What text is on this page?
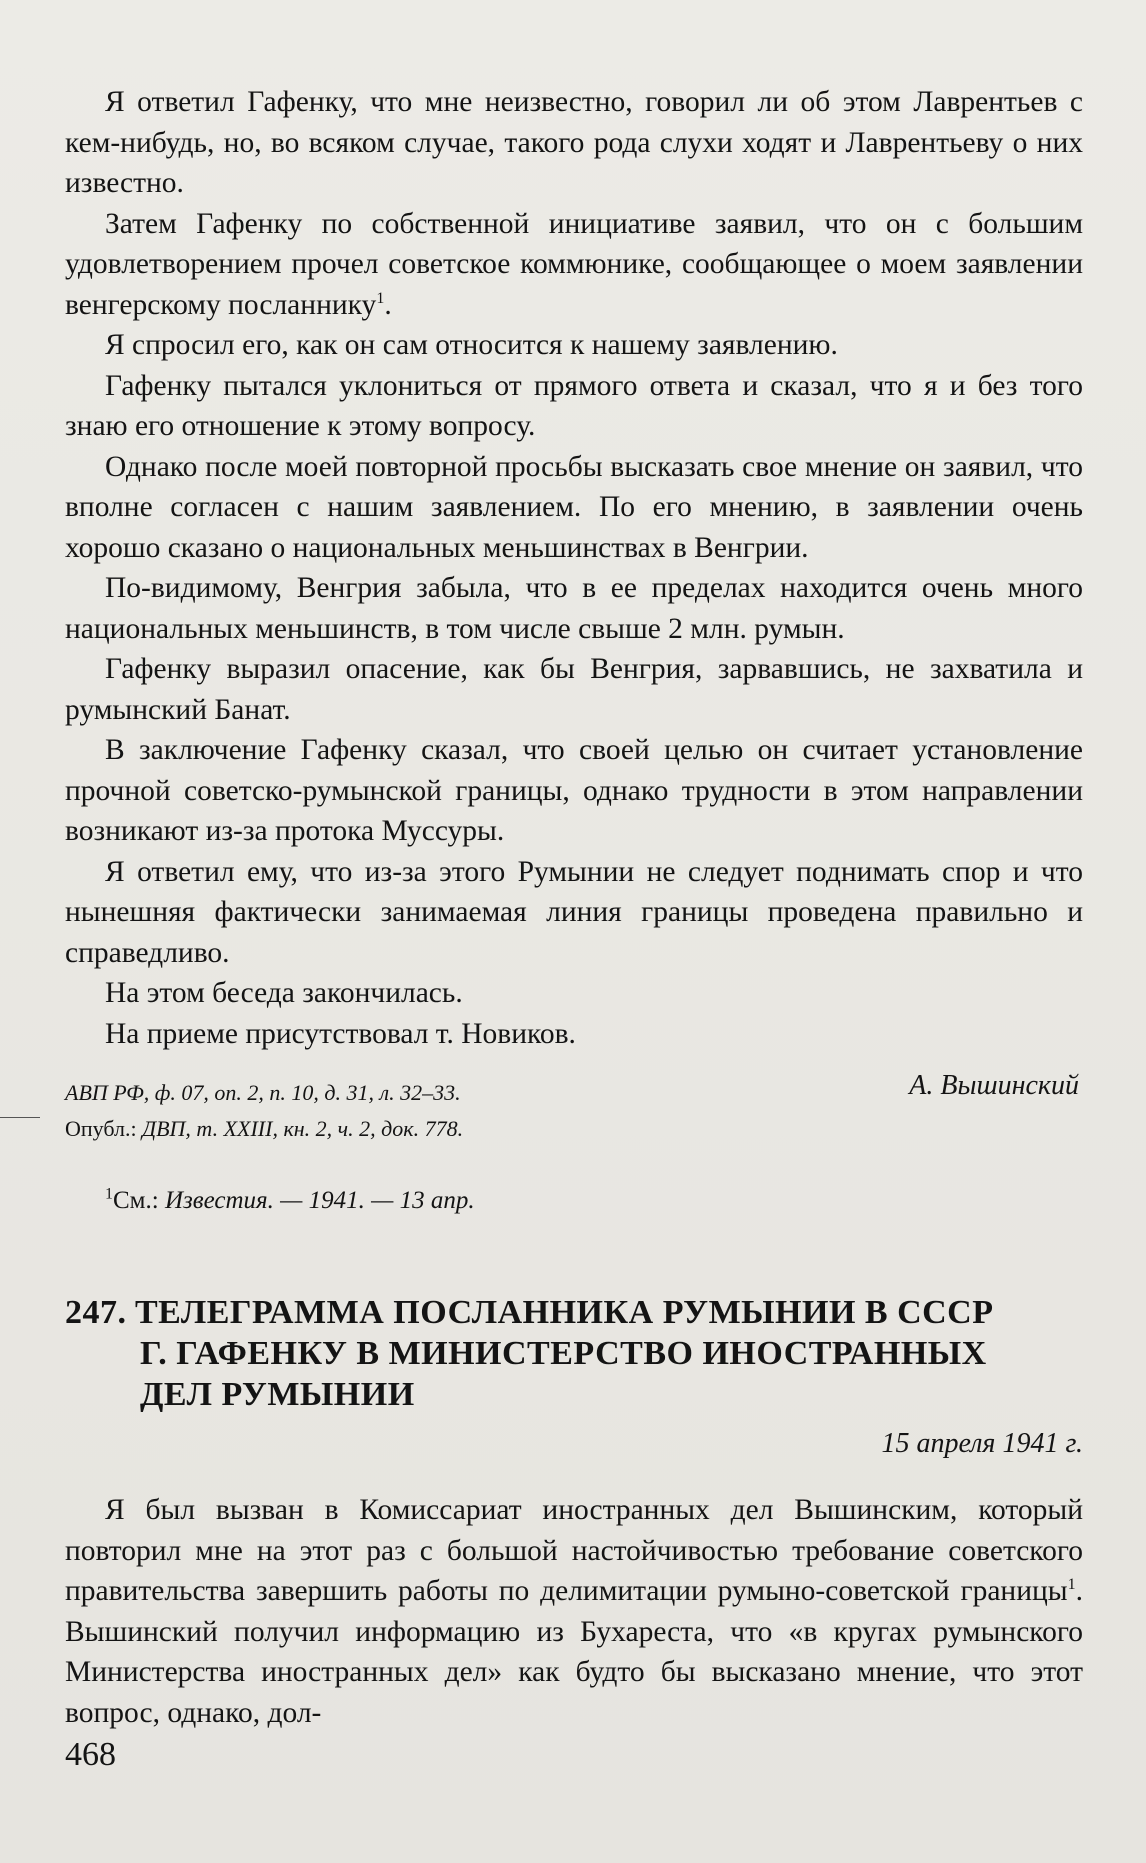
Я ответил Гафенку, что мне неизвестно, говорил ли об этом Лаврентьев с кем-нибудь, но, во всяком случае, такого рода слухи ходят и Лаврентьеву о них известно.

Затем Гафенку по собственной инициативе заявил, что он с большим удовлетворением прочел советское коммюнике, сообщающее о моем заявлении венгерскому посланнику$^1$.

Я спросил его, как он сам относится к нашему заявлению.

Гафенку пытался уклониться от прямого ответа и сказал, что я и без того знаю его отношение к этому вопросу.

Однако после моей повторной просьбы высказать свое мнение он заявил, что вполне согласен с нашим заявлением. По его мнению, в заявлении очень хорошо сказано о национальных меньшинствах в Венгрии.

По-видимому, Венгрия забыла, что в ее пределах находится очень много национальных меньшинств, в том числе свыше 2 млн. румын.

Гафенку выразил опасение, как бы Венгрия, зарвавшись, не захватила и румынский Банат.

В заключение Гафенку сказал, что своей целью он считает установление прочной советско-румынской границы, однако трудности в этом направлении возникают из-за протока Муссуры.

Я ответил ему, что из-за этого Румынии не следует поднимать спор и что нынешняя фактически занимаемая линия границы проведена правильно и справедливо.

На этом беседа закончилась.

На приеме присутствовал т. Новиков.

А. Вышинский
АВП РФ, ф. 07, оп. 2, п. 10, д. 31, л. 32–33.
Опубл.: ДВП, т. XXIII, кн. 2, ч. 2, док. 778.
$^1$См.: Известия. — 1941. — 13 апр.
247. ТЕЛЕГРАММА ПОСЛАННИКА РУМЫНИИ В СССР
Г. ГАФЕНКУ В МИНИСТЕРСТВО ИНОСТРАННЫХ
ДЕЛ РУМЫНИИ
15 апреля 1941 г.

Я был вызван в Комиссариат иностранных дел Вышинским, который повторил мне на этот раз с большой настойчивостью требование советского правительства завершить работы по делимитации румыно-советской границы$^1$. Вышинский получил информацию из Бухареста, что «в кругах румынского Министерства иностранных дел» как будто бы высказано мнение, что этот вопрос, однако, дол-

468
